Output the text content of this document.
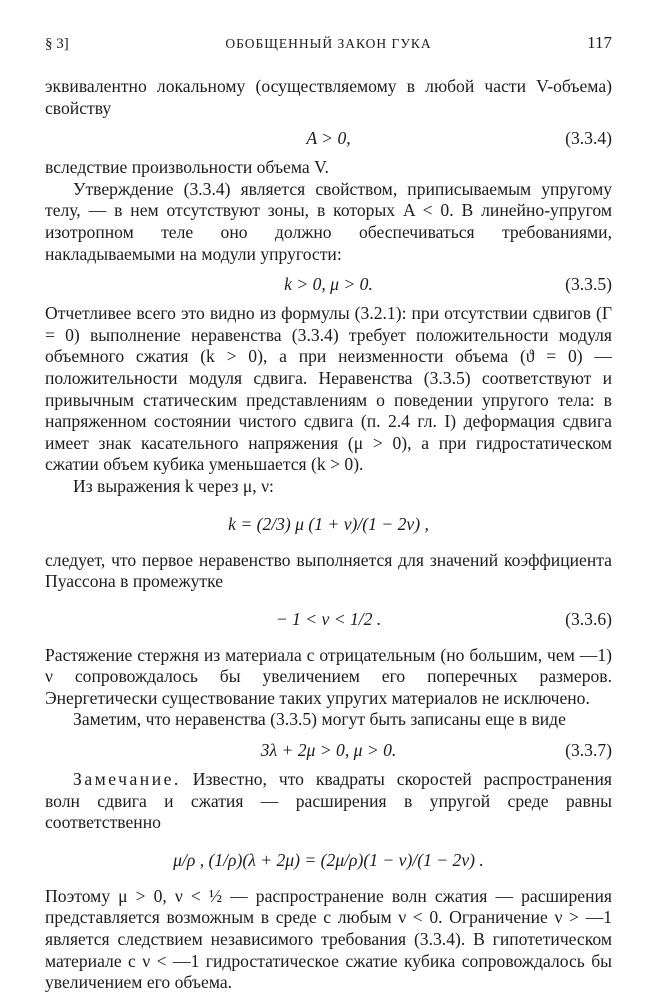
§ 3]	ОБОБЩЕННЫЙ ЗАКОН ГУКА	117

эквивалентно локальному (осуществляемому в любой части V-объема) свойству

A > 0,	(3.3.4)

вследствие произвольности объема V.

Утверждение (3.3.4) является свойством, приписываемым упругому телу, — в нем отсутствуют зоны, в которых A < 0. В линейно-упругом изотропном теле оно должно обеспечиваться требованиями, накладываемыми на модули упругости:

k > 0, μ > 0.	(3.3.5)

Отчетливее всего это видно из формулы (3.2.1): при отсутствии сдвигов (Г = 0) выполнение неравенства (3.3.4) требует положительности модуля объемного сжатия (k > 0), а при неизменности объема (ϑ = 0) — положительности модуля сдвига. Неравенства (3.3.5) соответствуют и привычным статическим представлениям о поведении упругого тела: в напряженном состоянии чистого сдвига (п. 2.4 гл. I) деформация сдвига имеет знак касательного напряжения (μ > 0), а при гидростатическом сжатии объем кубика уменьшается (k > 0).

Из выражения k через μ, ν:

k = (2/3) μ (1 + ν)/(1 − 2ν) ,

следует, что первое неравенство выполняется для значений коэффициента Пуассона в промежутке

− 1 < ν < 1/2 .	(3.3.6)

Растяжение стержня из материала с отрицательным (но большим, чем —1) ν сопровождалось бы увеличением его поперечных размеров. Энергетически существование таких упругих материалов не исключено.

Заметим, что неравенства (3.3.5) могут быть записаны еще в виде

3λ + 2μ > 0, μ > 0.	(3.3.7)

Замечание. Известно, что квадраты скоростей распространения волн сдвига и сжатия — расширения в упругой среде равны соответственно

μ/ρ , (1/ρ)(λ + 2μ) = (2μ/ρ)(1 − ν)/(1 − 2ν) .

Поэтому μ > 0, ν < ½ — распространение волн сжатия — расширения представляется возможным в среде с любым ν < 0. Ограничение ν > —1 является следствием независимого требования (3.3.4). В гипотетическом материале с ν < —1 гидростатическое сжатие кубика сопровождалось бы увеличением его объема.
